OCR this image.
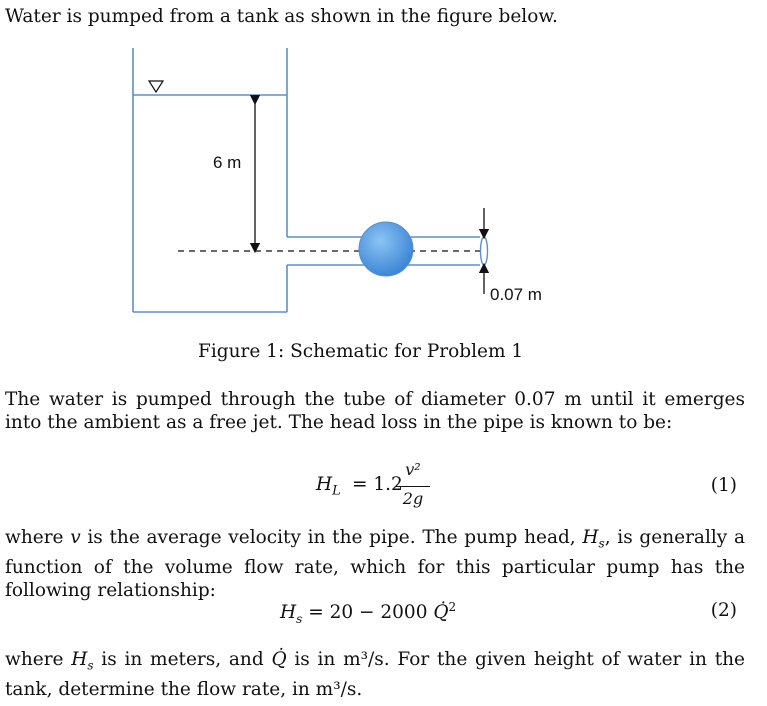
Water is pumped from a tank as shown in the figure below.
6 m
0.07 m
Figure 1: Schematic for Problem 1
The water is pumped through the tube of diameter 0.07 m until it emerges into the ambient as a free jet. The head loss in the pipe is known to be:
$H_L = 1.2$
v²
2g
(1)
where v is the average velocity in the pipe. The pump head, $H_s$, is generally a function of the volume flow rate, which for this particular pump has the following relationship:
$H_s = 20 - 2000$ Q̇$^2$	(2)
where $H_s$ is in meters, and Q̇ is in m³/s. For the given height of water in the tank, determine the flow rate, in m³/s.
